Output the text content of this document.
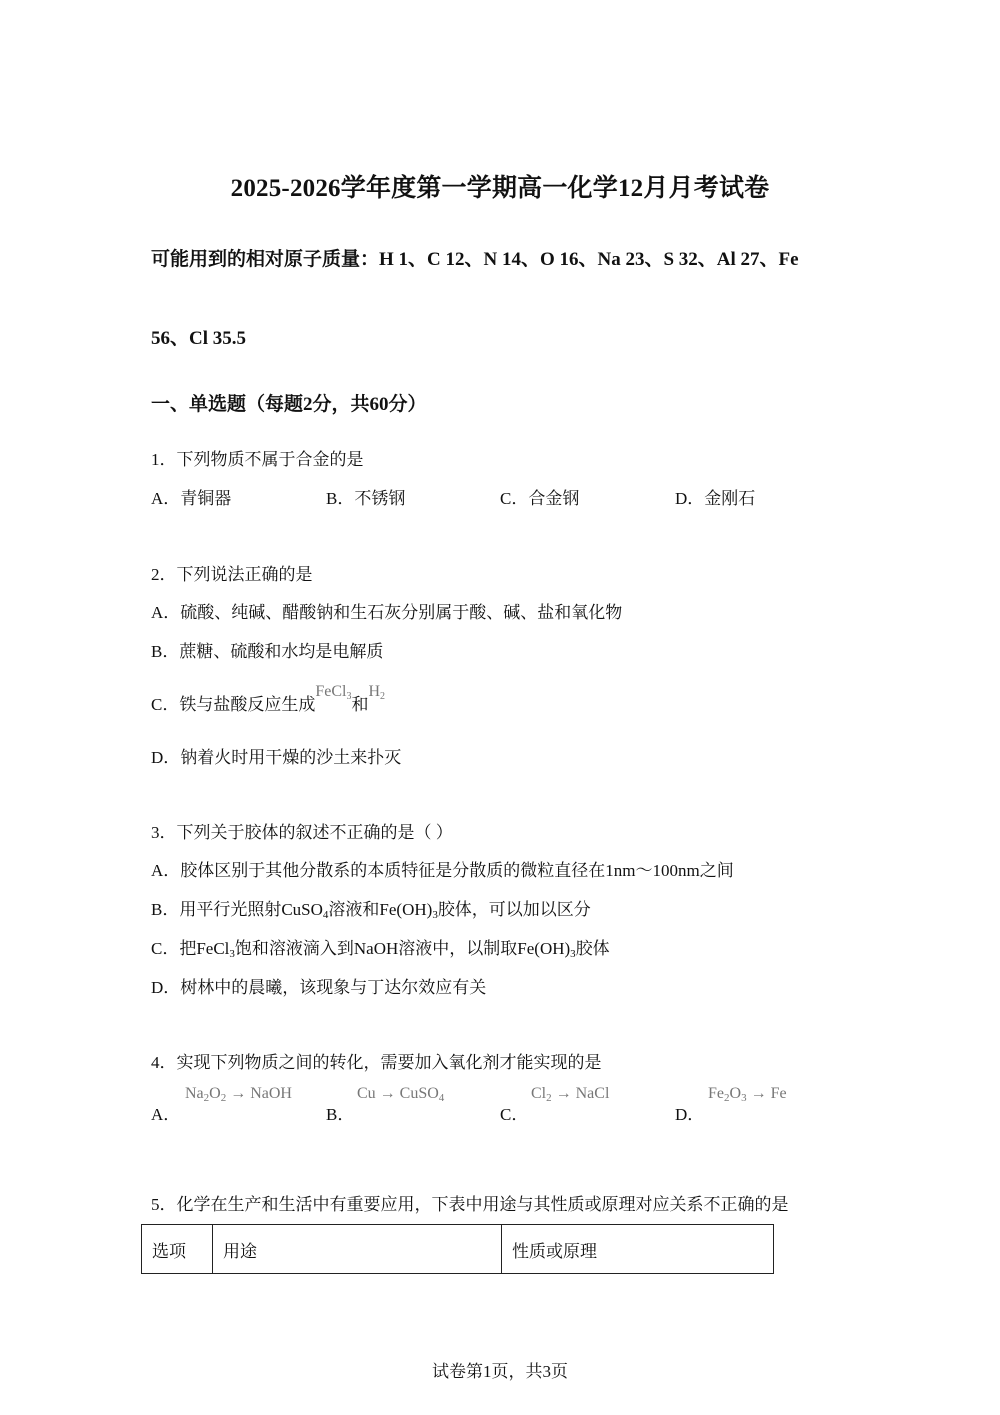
2025-2026学年度第一学期高一化学12月月考试卷
可能用到的相对原子质量：H 1、C 12、N 14、O 16、Na 23、S 32、Al 27、Fe
56、Cl 35.5
一、单选题（每题2分，共60分）
1．下列物质不属于合金的是
A．青铜器	B．不锈钢	C．合金钢	D．金刚石
2．下列说法正确的是
A．硫酸、纯碱、醋酸钠和生石灰分别属于酸、碱、盐和氧化物
B．蔗糖、硫酸和水均是电解质
C．铁与盐酸反应生成FeCl$_3$和$H_2$
D．钠着火时用干燥的沙土来扑灭
3．下列关于胶体的叙述不正确的是（ ）
A．胶体区别于其他分散系的本质特征是分散质的微粒直径在1nm～100nm之间
B．用平行光照射CuSO$_4$溶液和$Fe(OH)_3$胶体，可以加以区分
C．把FeCl$_3$饱和溶液滴入到NaOH溶液中，以制取$Fe(OH)_3$胶体
D．树林中的晨曦，该现象与丁达尔效应有关
4．实现下列物质之间的转化，需要加入氧化剂才能实现的是
A．
$Na_2O_2$ → NaOH
B．
Cu → CuSO$_4$
C．
$Cl_2$ → NaCl
D．
$Fe_2O_3 \to Fe$
5．化学在生产和生活中有重要应用，下表中用途与其性质或原理对应关系不正确的是
选项	用途	性质或原理
试卷第1页，共3页
